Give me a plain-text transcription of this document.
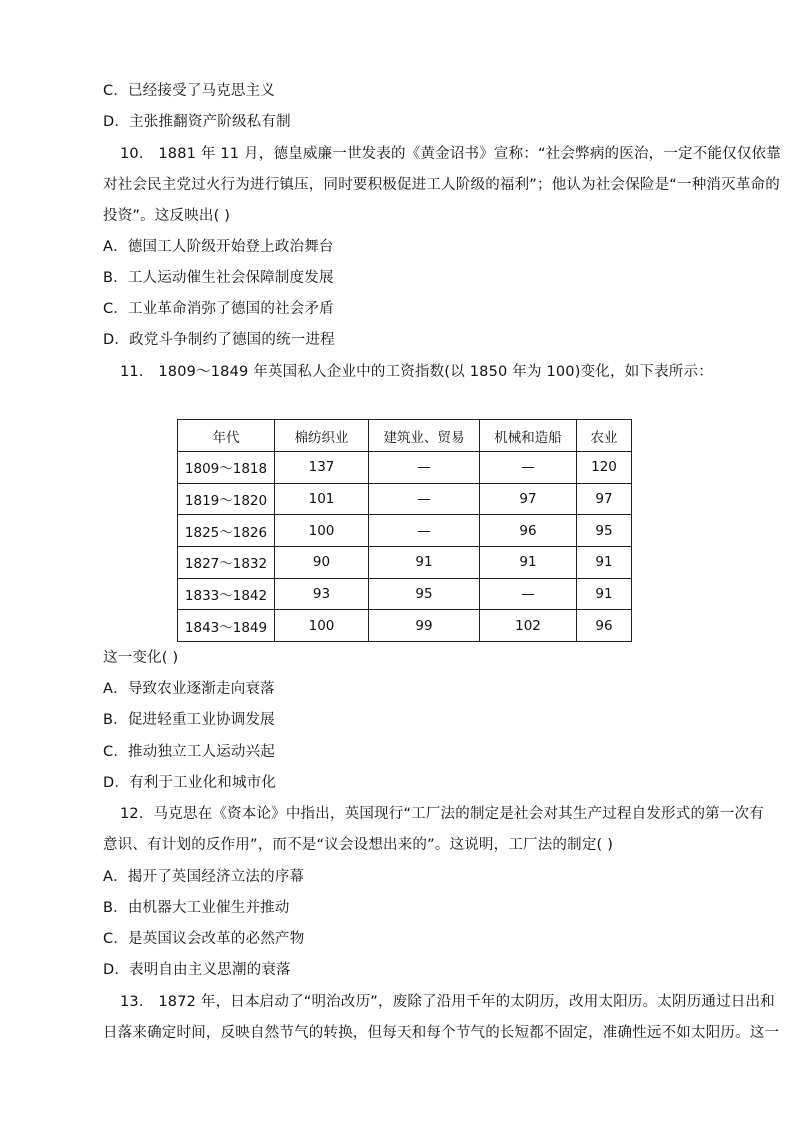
C．已经接受了马克思主义
D．主张推翻资产阶级私有制
10． 1881 年 11 月，德皇威廉一世发表的《黄金诏书》宣称：“社会弊病的医治，一定不能仅仅依靠
对社会民主党过火行为进行镇压，同时要积极促进工人阶级的福利”；他认为社会保险是“一种消灭革命的
投资”。这反映出( )
A．德国工人阶级开始登上政治舞台
B．工人运动催生社会保障制度发展
C．工业革命消弥了德国的社会矛盾
D．政党斗争制约了德国的统一进程
11． 1809～1849 年英国私人企业中的工资指数(以 1850 年为 100)变化，如下表所示：
年代	棉纺织业	建筑业、贸易	机械和造船	农业
1809～1818	137	—	—	120
1819～1820	101	—	97	97
1825～1826	100	—	96	95
1827～1832	90	91	91	91
1833～1842	93	95	—	91
1843～1849	100	99	102	96
这一变化( )
A．导致农业逐渐走向衰落
B．促进轻重工业协调发展
C．推动独立工人运动兴起
D．有利于工业化和城市化
12．马克思在《资本论》中指出，英国现行“工厂法的制定是社会对其生产过程自发形式的第一次有
意识、有计划的反作用”，而不是“议会设想出来的”。这说明，工厂法的制定( )
A．揭开了英国经济立法的序幕
B．由机器大工业催生并推动
C．是英国议会改革的必然产物
D．表明自由主义思潮的衰落
13． 1872 年，日本启动了“明治改历”，废除了沿用千年的太阴历，改用太阳历。太阴历通过日出和
日落来确定时间，反映自然节气的转换，但每天和每个节气的长短都不固定，准确性远不如太阳历。这一
